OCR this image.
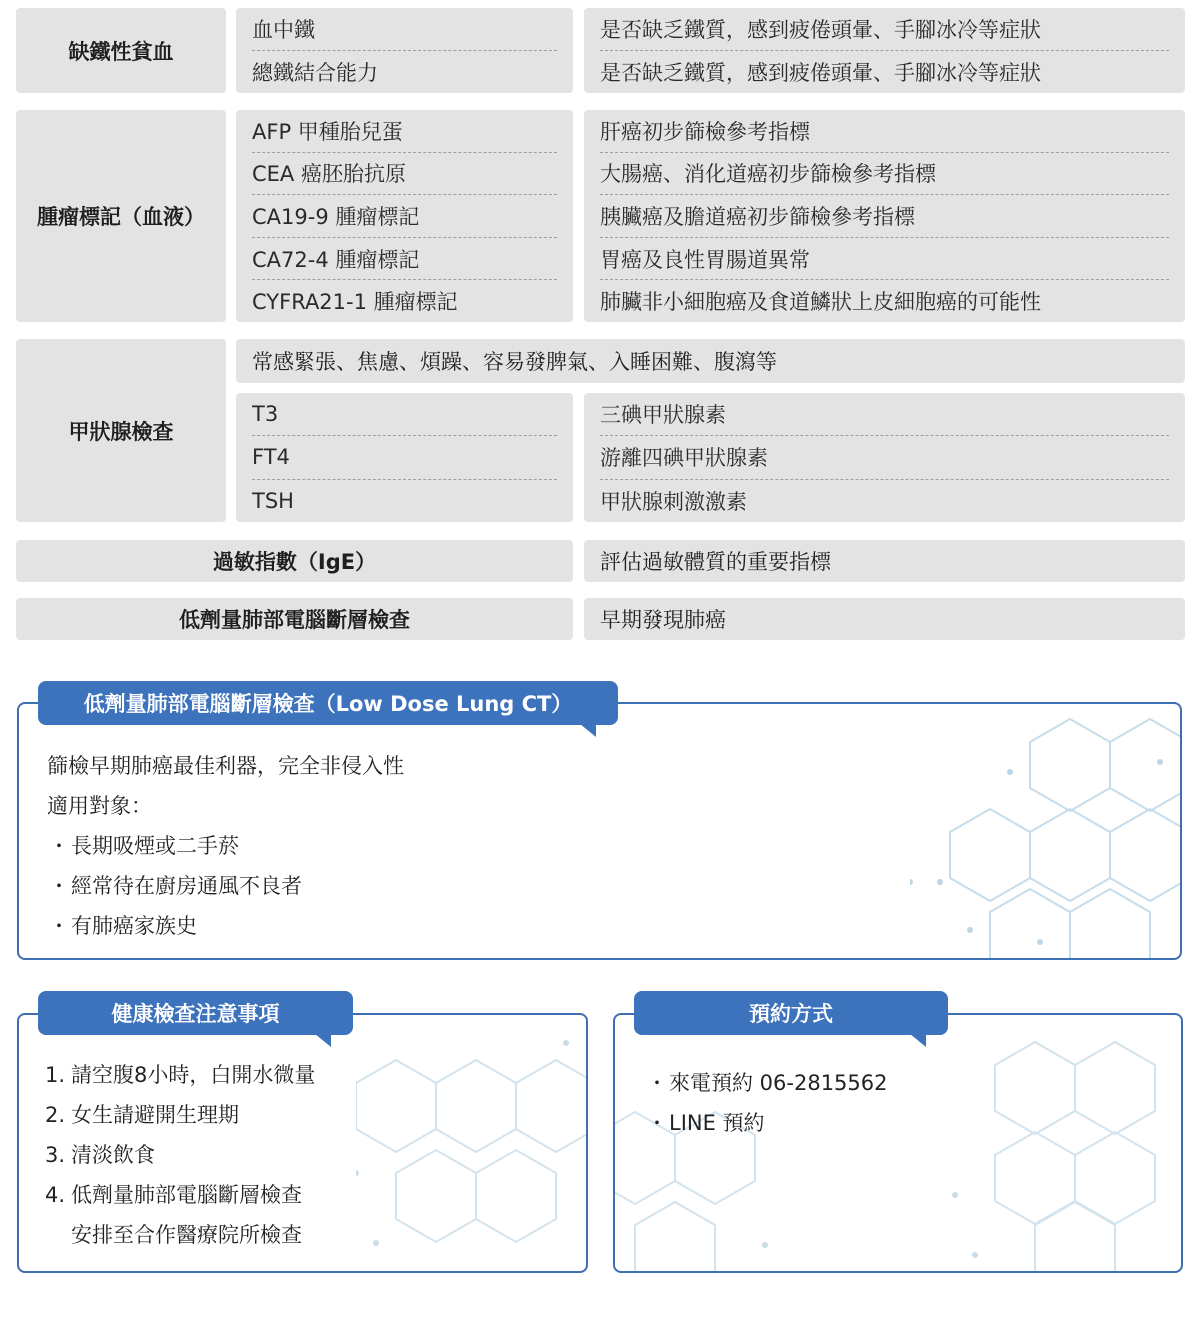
缺鐵性貧血
血中鐵
總鐵結合能力
是否缺乏鐵質，感到疲倦頭暈、手腳冰冷等症狀
是否缺乏鐵質，感到疲倦頭暈、手腳冰冷等症狀
腫瘤標記（血液）
AFP 甲種胎兒蛋
CEA 癌胚胎抗原
CA19-9 腫瘤標記
CA72-4 腫瘤標記
CYFRA21-1 腫瘤標記
肝癌初步篩檢參考指標
大腸癌、消化道癌初步篩檢參考指標
胰臟癌及膽道癌初步篩檢參考指標
胃癌及良性胃腸道異常
肺臟非小細胞癌及食道鱗狀上皮細胞癌的可能性
甲狀腺檢查
常感緊張、焦慮、煩躁、容易發脾氣、入睡困難、腹瀉等
T3
FT4
TSH
三碘甲狀腺素
游離四碘甲狀腺素
甲狀腺刺激激素
過敏指數（IgE）	評估過敏體質的重要指標
低劑量肺部電腦斷層檢查	早期發現肺癌
篩檢早期肺癌最佳利器，完全非侵入性
適用對象：
・ 長期吸煙或二手菸
・ 經常待在廚房通風不良者
・ 有肺癌家族史
低劑量肺部電腦斷層檢查（Low Dose Lung CT）
1. 請空腹8小時，白開水微量
2. 女生請避開生理期
3. 清淡飲食
4. 低劑量肺部電腦斷層檢查
安排至合作醫療院所檢查
健康檢查注意事項
・ 來電預約 06-2815562
・ LINE 預約
預約方式
